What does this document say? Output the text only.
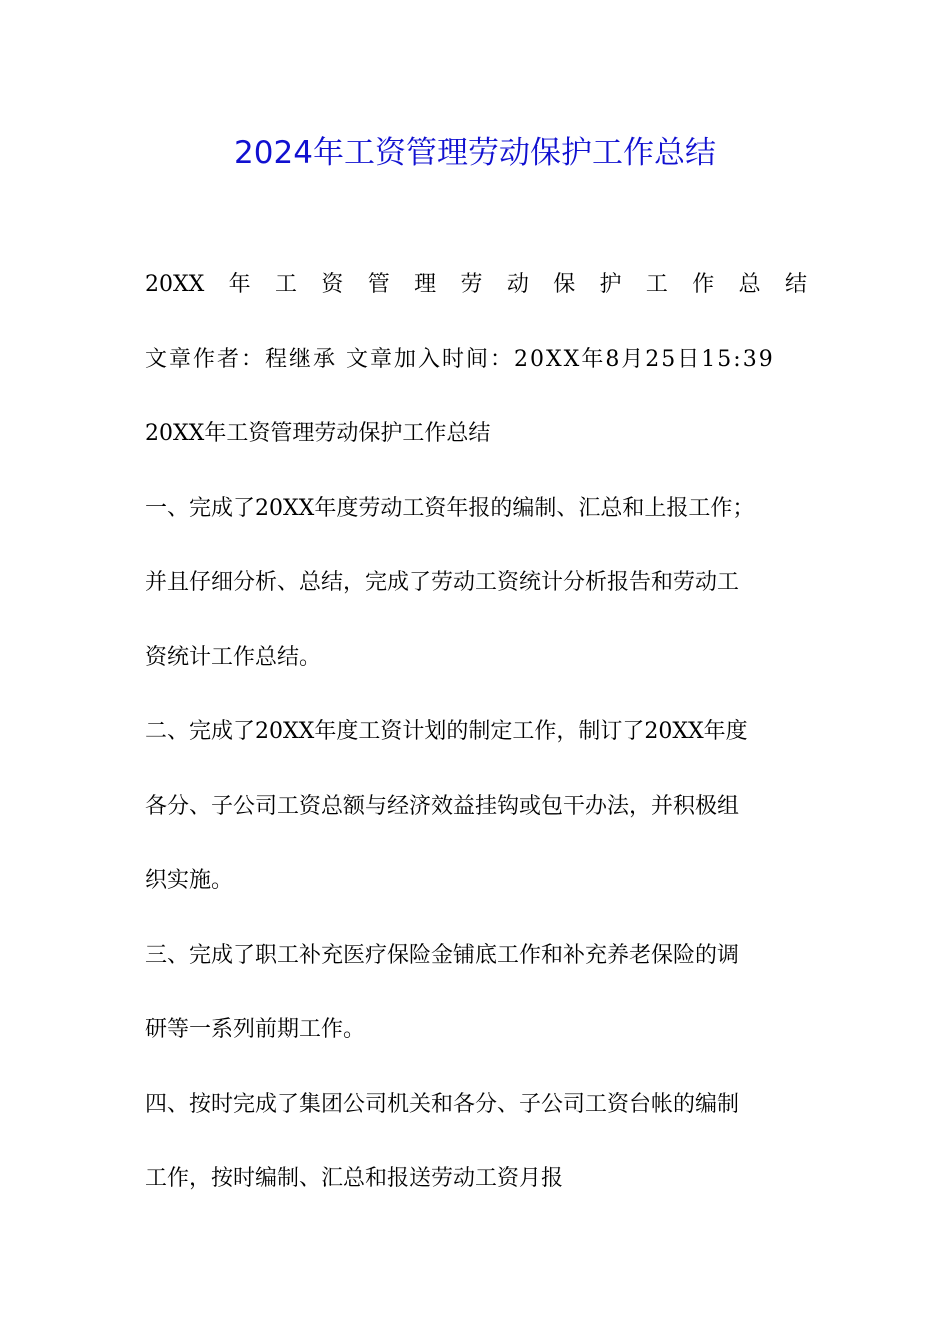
2024年工资管理劳动保护工作总结
20XX 年 工 资 管 理 劳 动 保 护 工 作 总 结
文章作者：程继承 文章加入时间：20XX年8月25日15:39
20XX年工资管理劳动保护工作总结
一、完成了20XX年度劳动工资年报的编制、汇总和上报工作；
并且仔细分析、总结，完成了劳动工资统计分析报告和劳动工
资统计工作总结。
二、完成了20XX年度工资计划的制定工作，制订了20XX年度
各分、子公司工资总额与经济效益挂钩或包干办法，并积极组
织实施。
三、完成了职工补充医疗保险金铺底工作和补充养老保险的调
研等一系列前期工作。
四、按时完成了集团公司机关和各分、子公司工资台帐的编制
工作，按时编制、汇总和报送劳动工资月报
